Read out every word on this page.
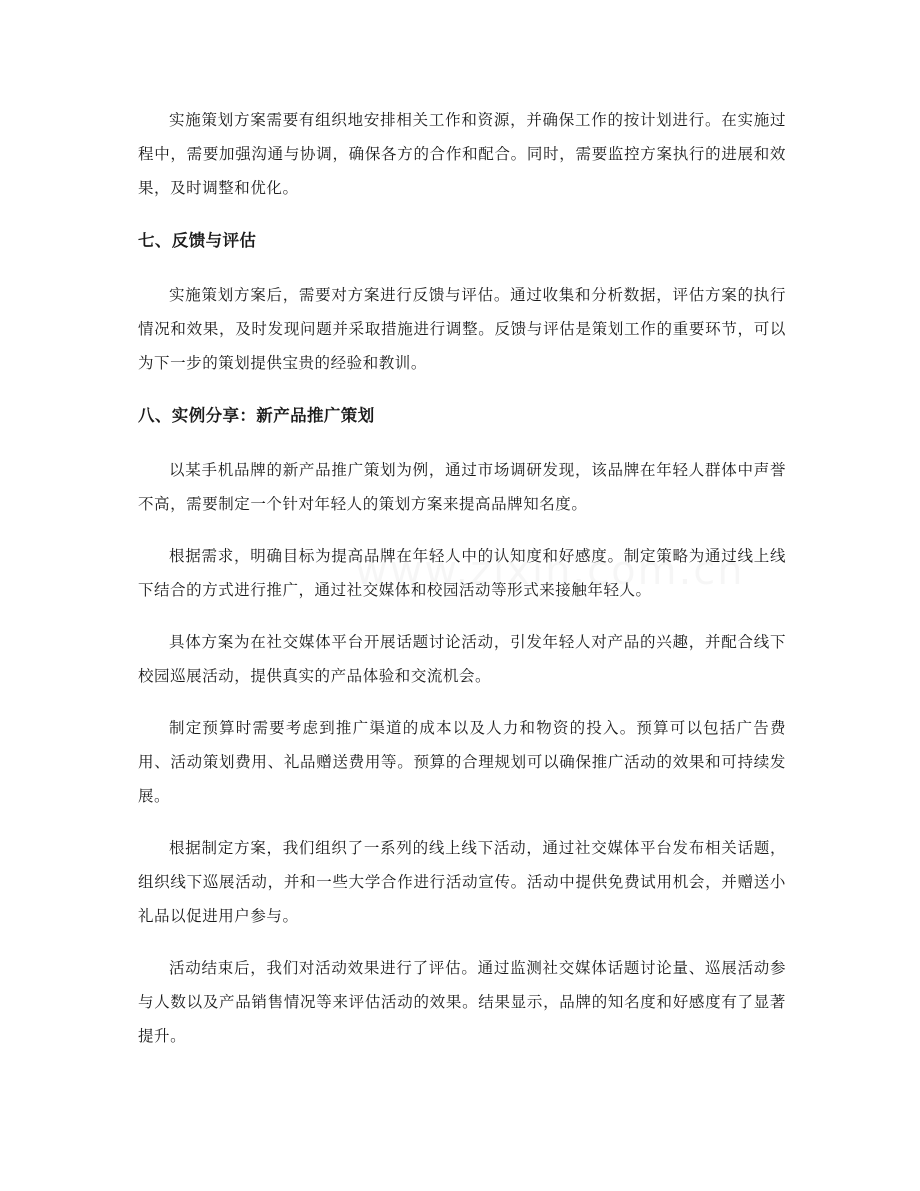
实施策划方案需要有组织地安排相关工作和资源，并确保工作的按计划进行。在实施过程中，需要加强沟通与协调，确保各方的合作和配合。同时，需要监控方案执行的进展和效果，及时调整和优化。

七、反馈与评估

实施策划方案后，需要对方案进行反馈与评估。通过收集和分析数据，评估方案的执行情况和效果，及时发现问题并采取措施进行调整。反馈与评估是策划工作的重要环节，可以为下一步的策划提供宝贵的经验和教训。

八、实例分享：新产品推广策划

以某手机品牌的新产品推广策划为例，通过市场调研发现，该品牌在年轻人群体中声誉不高，需要制定一个针对年轻人的策划方案来提高品牌知名度。

根据需求，明确目标为提高品牌在年轻人中的认知度和好感度。制定策略为通过线上线下结合的方式进行推广，通过社交媒体和校园活动等形式来接触年轻人。

具体方案为在社交媒体平台开展话题讨论活动，引发年轻人对产品的兴趣，并配合线下校园巡展活动，提供真实的产品体验和交流机会。

制定预算时需要考虑到推广渠道的成本以及人力和物资的投入。预算可以包括广告费用、活动策划费用、礼品赠送费用等。预算的合理规划可以确保推广活动的效果和可持续发展。

根据制定方案，我们组织了一系列的线上线下活动，通过社交媒体平台发布相关话题，组织线下巡展活动，并和一些大学合作进行活动宣传。活动中提供免费试用机会，并赠送小礼品以促进用户参与。

活动结束后，我们对活动效果进行了评估。通过监测社交媒体话题讨论量、巡展活动参与人数以及产品销售情况等来评估活动的效果。结果显示，品牌的知名度和好感度有了显著提升。
